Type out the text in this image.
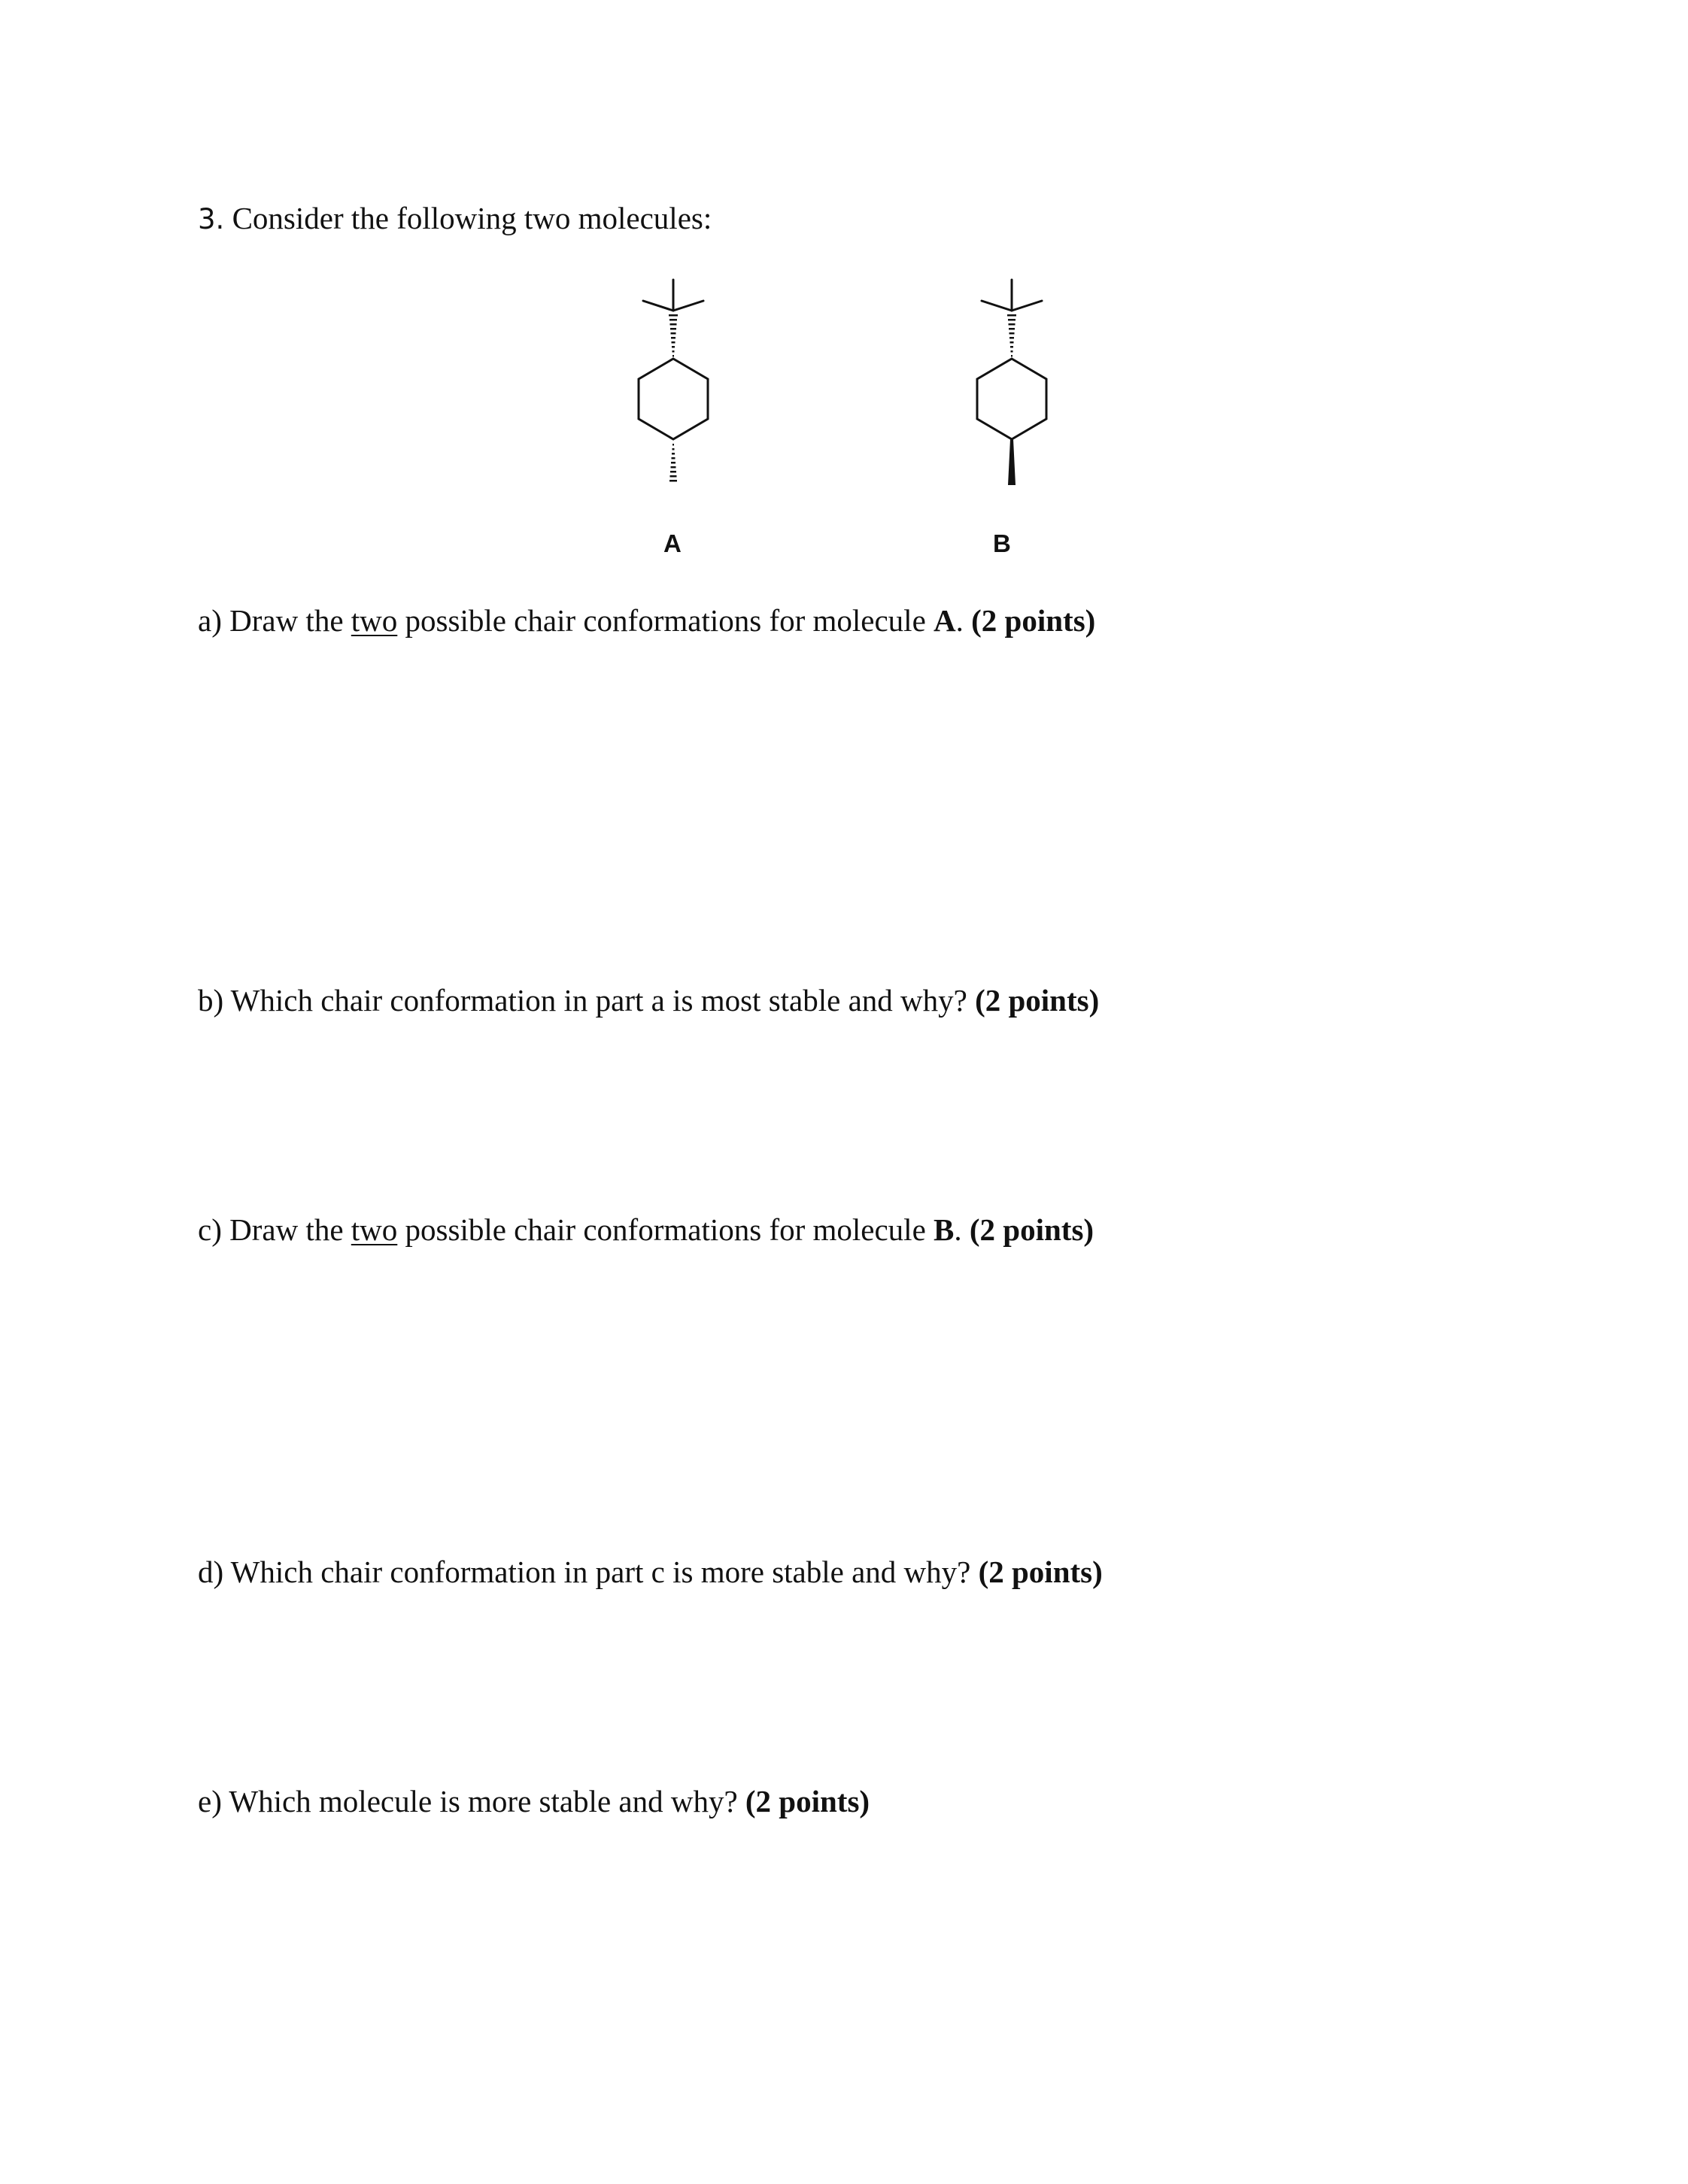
3. Consider the following two molecules:
A	B
a) Draw the two possible chair conformations for molecule A. (2 points)
b) Which chair conformation in part a is most stable and why? (2 points)
c) Draw the two possible chair conformations for molecule B. (2 points)
d) Which chair conformation in part c is more stable and why? (2 points)
e) Which molecule is more stable and why? (2 points)
